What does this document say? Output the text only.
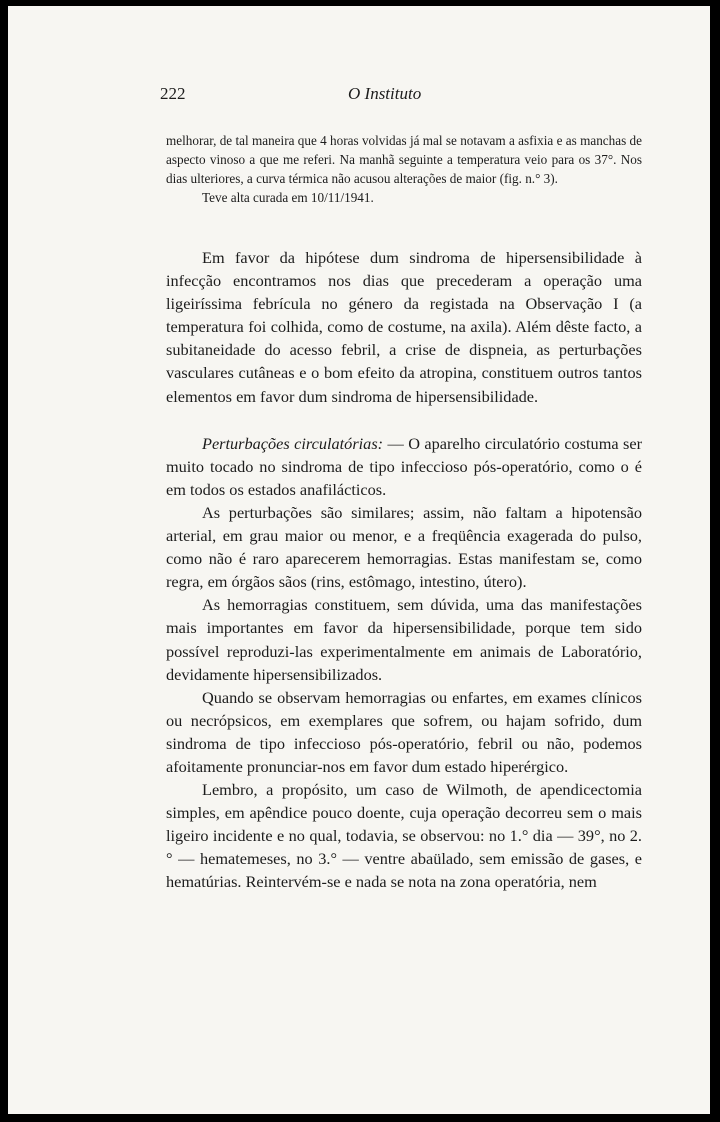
222	O Instituto

melhorar, de tal maneira que 4 horas volvidas já mal se notavam a asfixia e as manchas de aspecto vinoso a que me referi. Na manhã seguinte a temperatura veio para os 37°. Nos dias ulteriores, a curva térmica não acusou alterações de maior (fig. n.° 3).

Teve alta curada em 10/11/1941.

Em favor da hipótese dum sindroma de hipersensibilidade à infecção encontramos nos dias que precederam a operação uma ligeiríssima febrícula no género da registada na Observação I (a temperatura foi colhida, como de costume, na axila). Além dêste facto, a subitaneidade do acesso febril, a crise de dispneia, as perturbações vasculares cutâneas e o bom efeito da atropina, constituem outros tantos elementos em favor dum sindroma de hipersensibilidade.

Perturbações circulatórias: — O aparelho circulatório costuma ser muito tocado no sindroma de tipo infeccioso pós-operatório, como o é em todos os estados anafilácticos.

As perturbações são similares; assim, não faltam a hipotensão arterial, em grau maior ou menor, e a freqüência exagerada do pulso, como não é raro aparecerem hemorragias. Estas manifestam se, como regra, em órgãos sãos (rins, estômago, intestino, útero).

As hemorragias constituem, sem dúvida, uma das manifestações mais importantes em favor da hipersensibilidade, porque tem sido possível reproduzi-las experimentalmente em animais de Laboratório, devidamente hipersensibilizados.

Quando se observam hemorragias ou enfartes, em exames clínicos ou necrópsicos, em exemplares que sofrem, ou hajam sofrido, dum sindroma de tipo infeccioso pós-operatório, febril ou não, podemos afoitamente pronunciar-nos em favor dum estado hiperérgico.

Lembro, a propósito, um caso de Wilmoth, de apendicectomia simples, em apêndice pouco doente, cuja operação decorreu sem o mais ligeiro incidente e no qual, todavia, se observou: no 1.° dia — 39°, no 2.° — hematemeses, no 3.° — ventre abaülado, sem emissão de gases, e hematúrias. Reintervém-se e nada se nota na zona operatória, nem
